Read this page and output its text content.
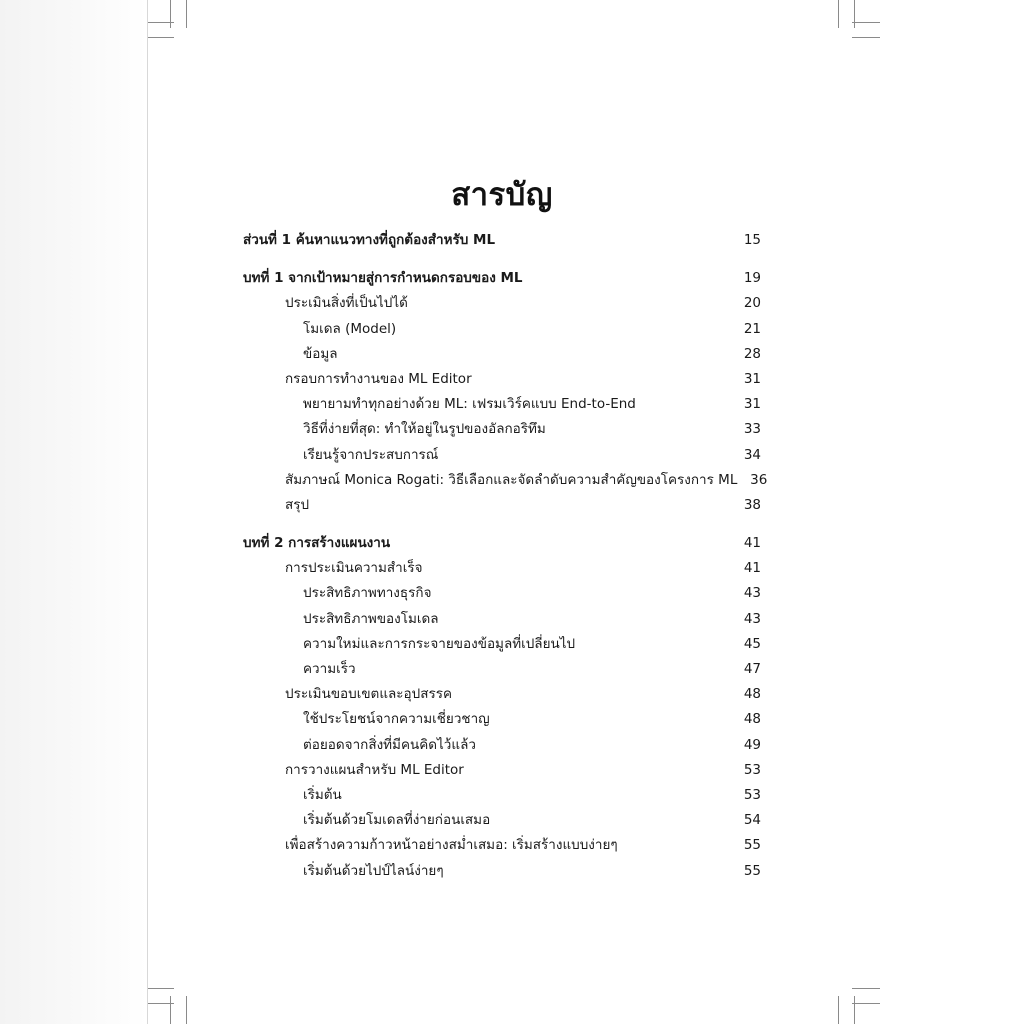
สารบัญ
ส่วนที่ 1 ค้นหาแนวทางที่ถูกต้องสำหรับ ML	15
บทที่ 1 จากเป้าหมายสู่การกำหนดกรอบของ ML	19
ประเมินสิ่งที่เป็นไปได้	20
โมเดล (Model)	21
ข้อมูล	28
กรอบการทำงานของ ML Editor	31
พยายามทำทุกอย่างด้วย ML: เฟรมเวิร์คแบบ End-to-End	31
วิธีที่ง่ายที่สุด: ทำให้อยู่ในรูปของอัลกอริทึม	33
เรียนรู้จากประสบการณ์	34
สัมภาษณ์ Monica Rogati: วิธีเลือกและจัดลำดับความสำคัญของโครงการ ML 36
สรุป	38
บทที่ 2 การสร้างแผนงาน	41
การประเมินความสำเร็จ	41
ประสิทธิภาพทางธุรกิจ	43
ประสิทธิภาพของโมเดล	43
ความใหม่และการกระจายของข้อมูลที่เปลี่ยนไป	45
ความเร็ว	47
ประเมินขอบเขตและอุปสรรค	48
ใช้ประโยชน์จากความเชี่ยวชาญ	48
ต่อยอดจากสิ่งที่มีคนคิดไว้แล้ว	49
การวางแผนสำหรับ ML Editor	53
เริ่มต้น	53
เริ่มต้นด้วยโมเดลที่ง่ายก่อนเสมอ	54
เพื่อสร้างความก้าวหน้าอย่างสม่ำเสมอ: เริ่มสร้างแบบง่ายๆ	55
เริ่มต้นด้วยไปป์ไลน์ง่ายๆ	55
